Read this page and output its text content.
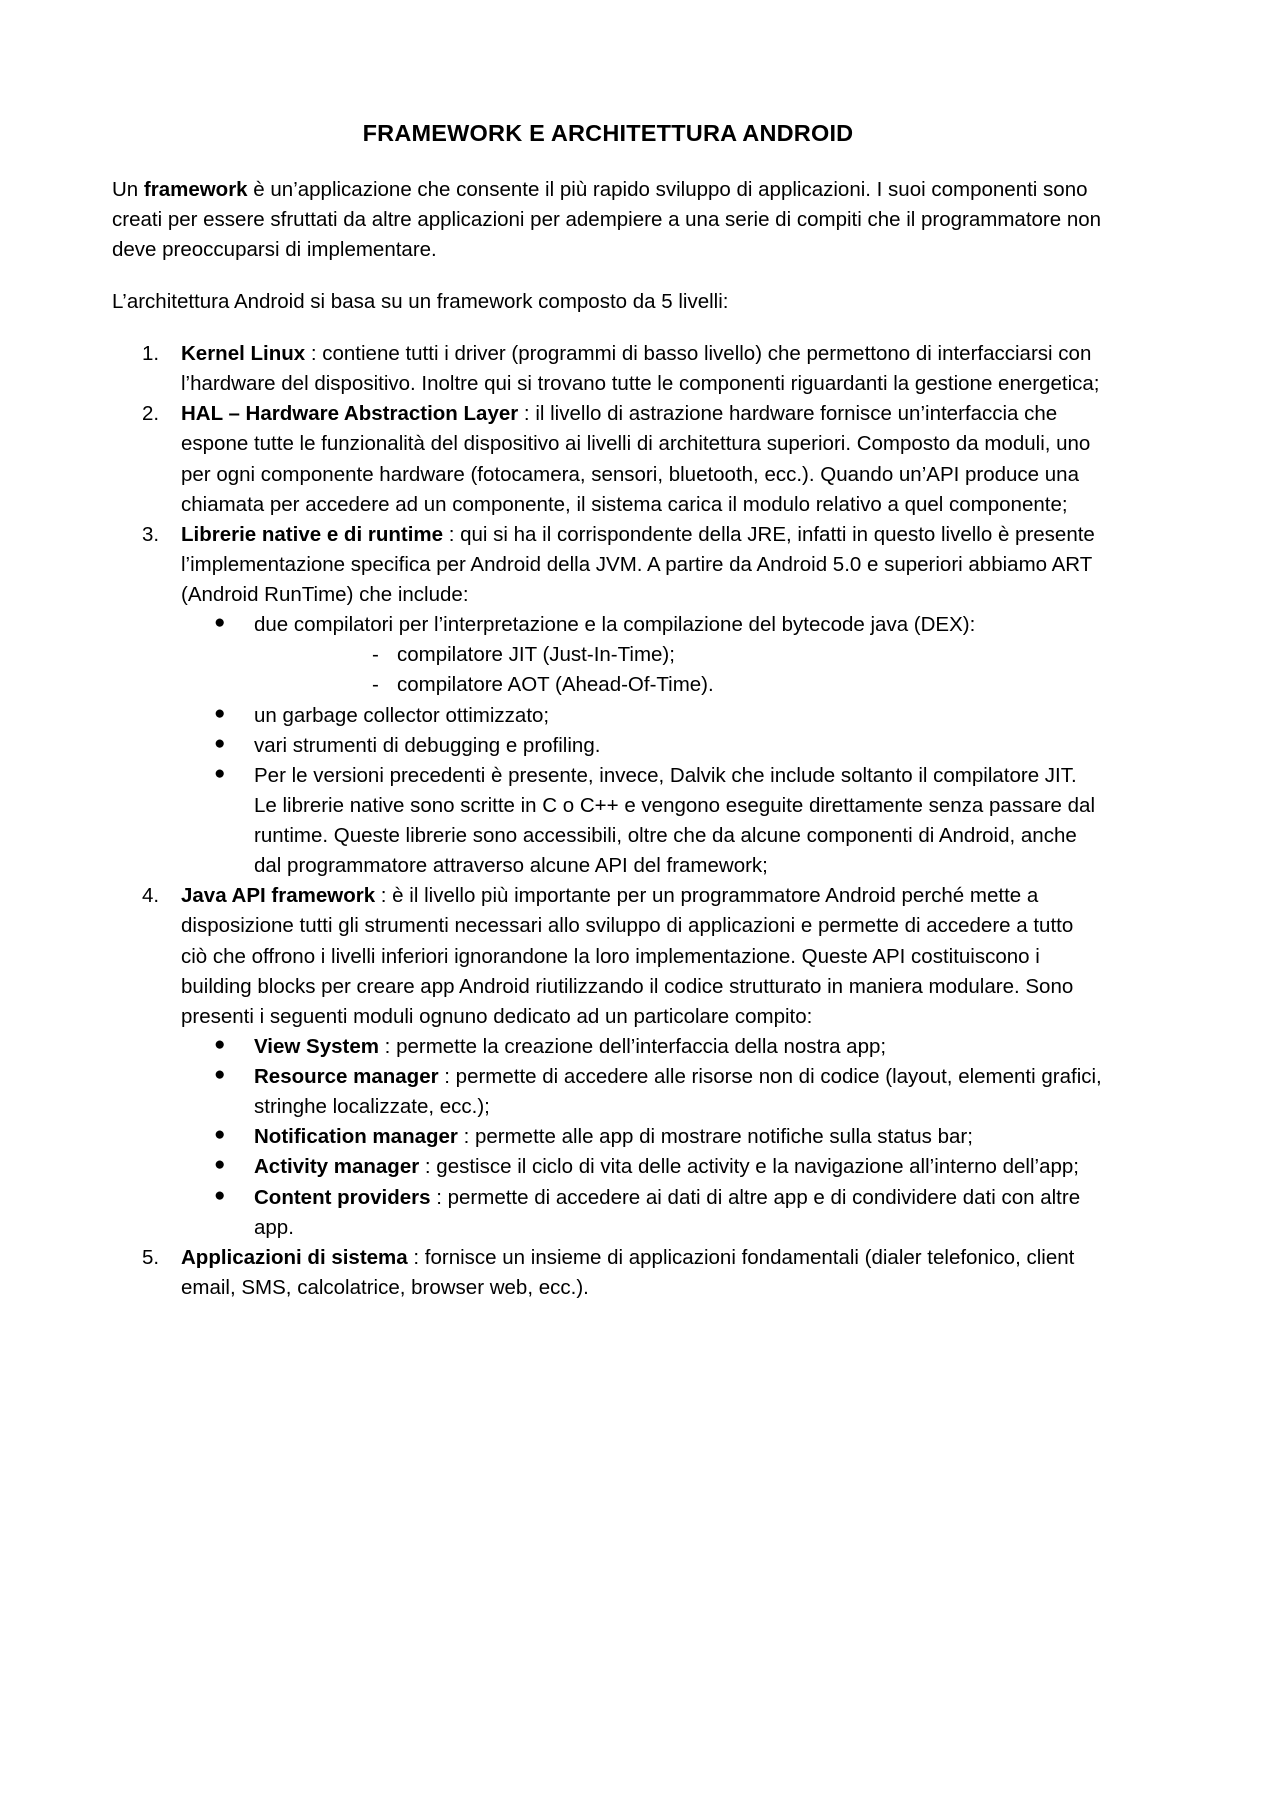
FRAMEWORK E ARCHITETTURA ANDROID

Un framework è un’applicazione che consente il più rapido sviluppo di applicazioni. I suoi componenti sono creati per essere sfruttati da altre applicazioni per adempiere a una serie di compiti che il programmatore non deve preoccuparsi di implementare.

L’architettura Android si basa su un framework composto da 5 livelli:

1.	Kernel Linux : contiene tutti i driver (programmi di basso livello) che permettono di interfacciarsi con l’hardware del dispositivo. Inoltre qui si trovano tutte le componenti riguardanti la gestione energetica;
2.	HAL – Hardware Abstraction Layer : il livello di astrazione hardware fornisce un’interfaccia che espone tutte le funzionalità del dispositivo ai livelli di architettura superiori. Composto da moduli, uno per ogni componente hardware (fotocamera, sensori, bluetooth, ecc.). Quando un’API produce una chiamata per accedere ad un componente, il sistema carica il modulo relativo a quel componente;
3.	Librerie native e di runtime : qui si ha il corrispondente della JRE, infatti in questo livello è presente l’implementazione specifica per Android della JVM. A partire da Android 5.0 e superiori abbiamo ART (Android RunTime) che include:
● due compilatori per l’interpretazione e la compilazione del bytecode java (DEX):
- compilatore JIT (Just-In-Time);
- compilatore AOT (Ahead-Of-Time).
● un garbage collector ottimizzato;
● vari strumenti di debugging e profiling.
● Per le versioni precedenti è presente, invece, Dalvik che include soltanto il compilatore JIT. Le librerie native sono scritte in C o C++ e vengono eseguite direttamente senza passare dal runtime. Queste librerie sono accessibili, oltre che da alcune componenti di Android, anche dal programmatore attraverso alcune API del framework;
4.	Java API framework : è il livello più importante per un programmatore Android perché mette a disposizione tutti gli strumenti necessari allo sviluppo di applicazioni e permette di accedere a tutto ciò che offrono i livelli inferiori ignorandone la loro implementazione. Queste API costituiscono i building blocks per creare app Android riutilizzando il codice strutturato in maniera modulare. Sono presenti i seguenti moduli ognuno dedicato ad un particolare compito:
● View System : permette la creazione dell’interfaccia della nostra app;
● Resource manager : permette di accedere alle risorse non di codice (layout, elementi grafici, stringhe localizzate, ecc.);
● Notification manager : permette alle app di mostrare notifiche sulla status bar;
● Activity manager : gestisce il ciclo di vita delle activity e la navigazione all’interno dell’app;
● Content providers : permette di accedere ai dati di altre app e di condividere dati con altre app.
5.	Applicazioni di sistema : fornisce un insieme di applicazioni fondamentali (dialer telefonico, client email, SMS, calcolatrice, browser web, ecc.).
